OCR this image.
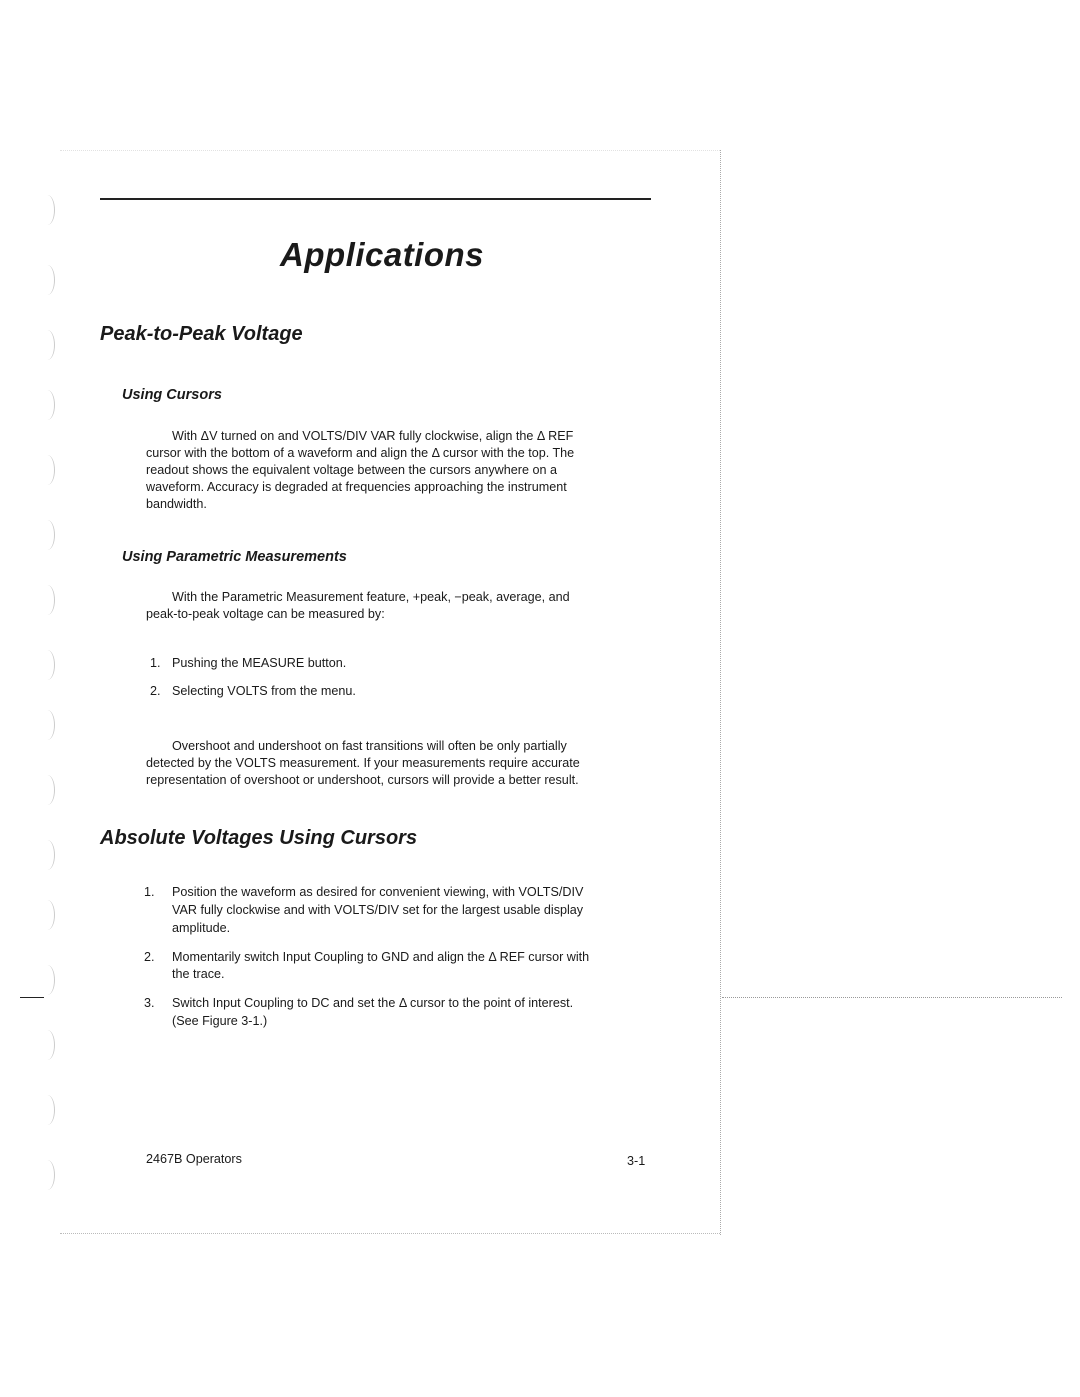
Applications
Peak-to-Peak Voltage
Using Cursors
With ΔV turned on and VOLTS/DIV VAR fully clockwise, align the Δ REF
cursor with the bottom of a waveform and align the Δ cursor with the top. The
readout shows the equivalent voltage between the cursors anywhere on a
waveform. Accuracy is degraded at frequencies approaching the instrument
bandwidth.
Using Parametric Measurements
With the Parametric Measurement feature, +peak, −peak, average, and
peak-to-peak voltage can be measured by:
1. Pushing the MEASURE button.
2. Selecting VOLTS from the menu.
Overshoot and undershoot on fast transitions will often be only partially
detected by the VOLTS measurement. If your measurements require accurate
representation of overshoot or undershoot, cursors will provide a better result.
Absolute Voltages Using Cursors
1. Position the waveform as desired for convenient viewing, with VOLTS/DIV
VAR fully clockwise and with VOLTS/DIV set for the largest usable display
amplitude.
2. Momentarily switch Input Coupling to GND and align the Δ REF cursor with
the trace.
3. Switch Input Coupling to DC and set the Δ cursor to the point of interest.
(See Figure 3-1.)
2467B Operators	3-1
